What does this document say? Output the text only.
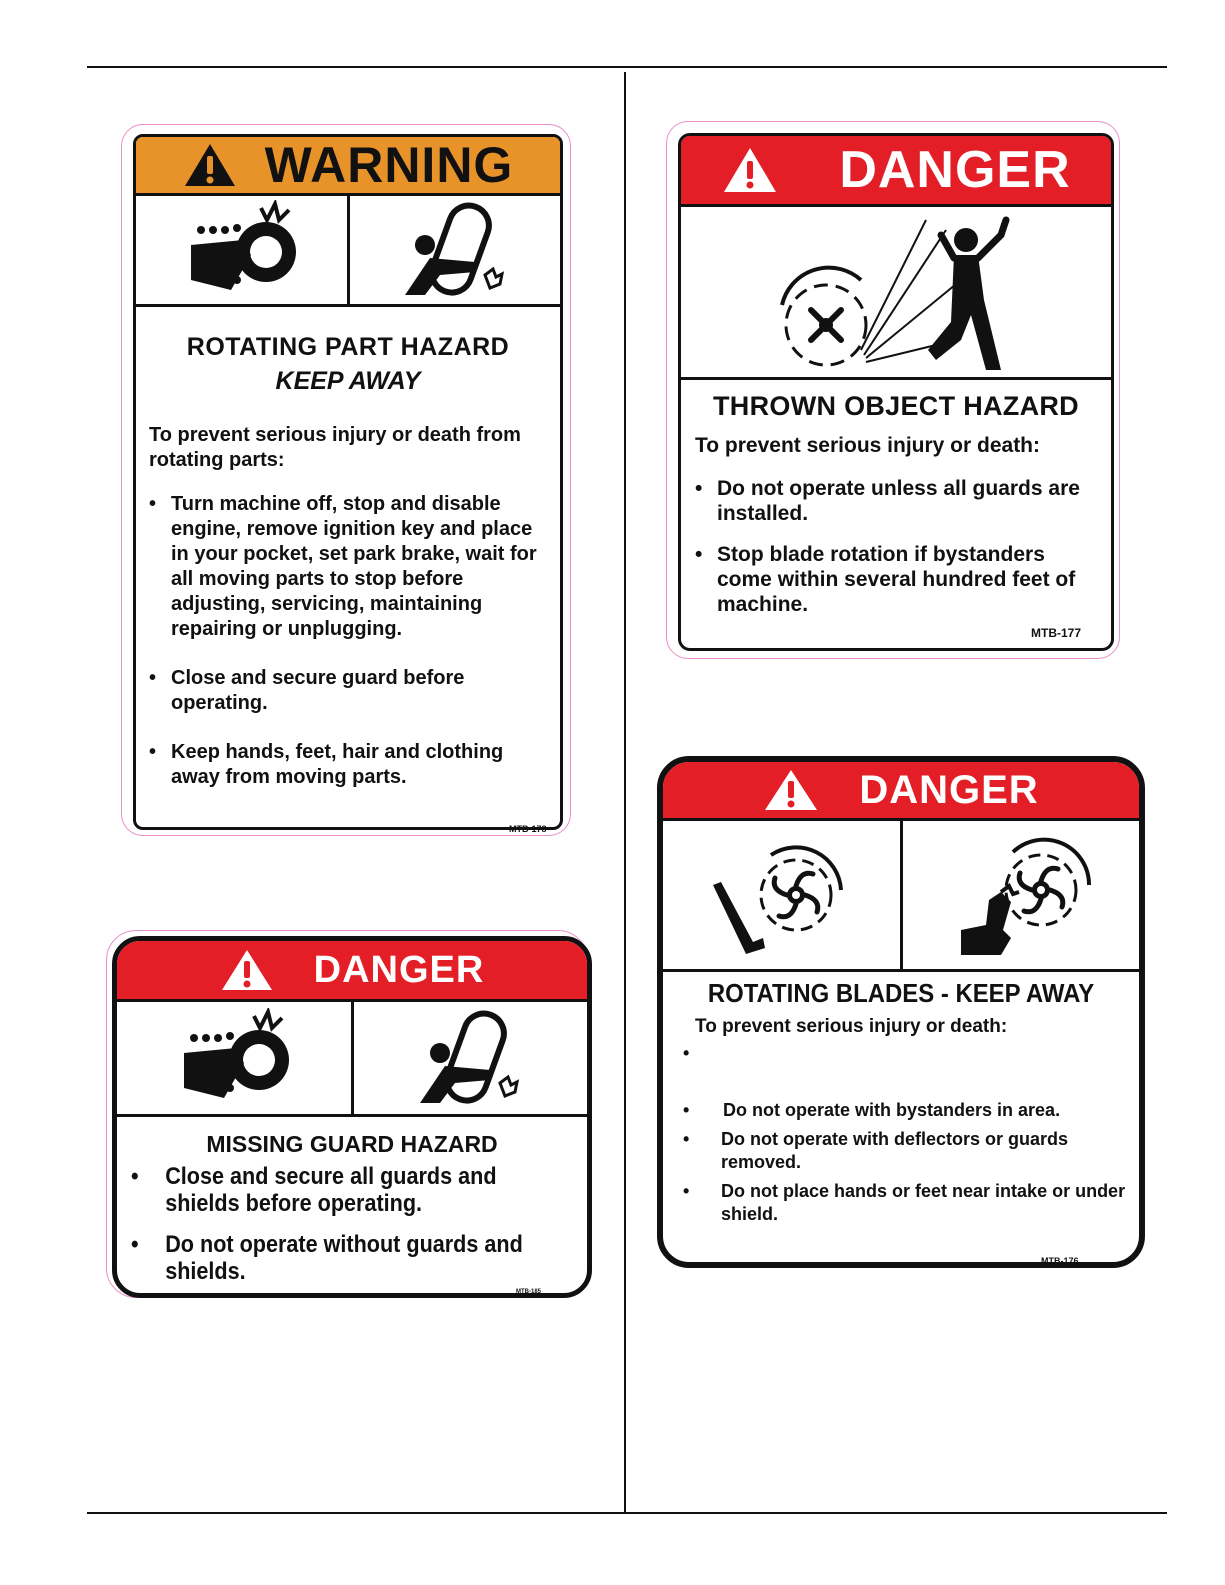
WARNING
ROTATING PART HAZARD
KEEP AWAY
To prevent serious injury or death from rotating parts:
• Turn machine off, stop and disable engine, remove ignition key and place in your pocket, set park brake, wait for all moving parts to stop before adjusting, servicing, maintaining repairing or unplugging.
• Close and secure guard before operating.
• Keep hands, feet, hair and clothing away from moving parts.
MTB-178
DANGER
THROWN OBJECT HAZARD
To prevent serious injury or death:
• Do not operate unless all guards are installed.
• Stop blade rotation if bystanders come within several hundred feet of machine.
MTB-177
DANGER
MISSING GUARD HAZARD
• Close and secure all guards and shields before operating.
• Do not operate without guards and shields.
MTB-185
DANGER
ROTATING BLADES - KEEP AWAY
To prevent serious injury or death:
•
• Do not operate with bystanders in area.
• Do not operate with deflectors or guards removed.
• Do not place hands or feet near intake or under shield.
MTB-176
